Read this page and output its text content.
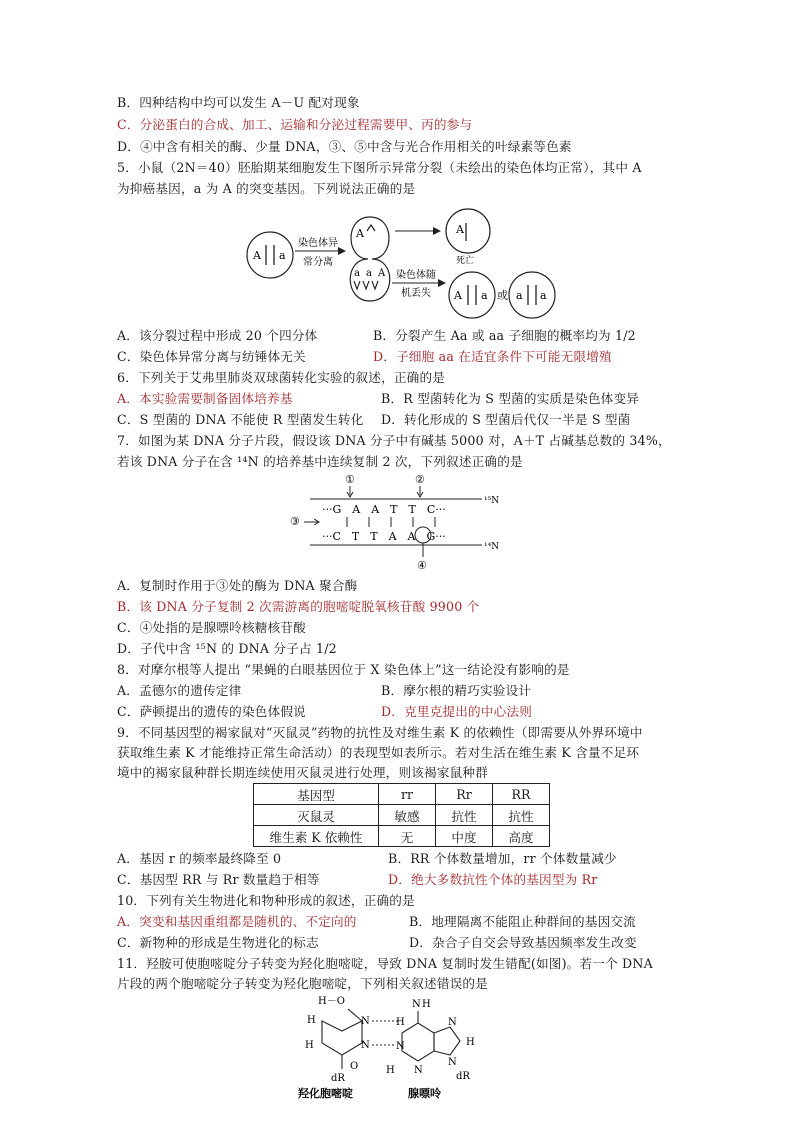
B．四种结构中均可以发生 A－U 配对现象
C．分泌蛋白的合成、加工、运输和分泌过程需要甲、丙的参与
D．④中含有相关的酶、少量 DNA，③、⑤中含与光合作用相关的叶绿素等色素
5．小鼠（2N＝40）胚胎期某细胞发生下图所示异常分裂（未绘出的染色体均正常），其中 A
为抑癌基因，a 为 A 的突变基因。下列说法正确的是
A a
染色体异
常分离
A
a a A
A
死亡
染色体随
机丢失 A a 或 a a
A．该分裂过程中形成 20 个四分体	B．分裂产生 Aa 或 aa 子细胞的概率均为 1/2
C．染色体异常分离与纺锤体无关	D．子细胞 aa 在适宜条件下可能无限增殖
6．下列关于艾弗里肺炎双球菌转化实验的叙述，正确的是
A．本实验需要制备固体培养基	B．R 型菌转化为 S 型菌的实质是染色体变异
C．S 型菌的 DNA 不能使 R 型菌发生转化 D．转化形成的 S 型菌后代仅一半是 S 型菌
7．如图为某 DNA 分子片段，假设该 DNA 分子中有碱基 5000 对，A＋T 占碱基总数的 34%，
若该 DNA 分子在含 ¹⁴N 的培养基中连续复制 2 次，下列叙述正确的是
①	②
¹⁵N
···G　A　A　T　T　C···
③
···C　T　T　A　A　G···
¹⁴N
④
A．复制时作用于③处的酶为 DNA 聚合酶
B．该 DNA 分子复制 2 次需游离的胞嘧啶脱氧核苷酸 9900 个
C．④处指的是腺嘌呤核糖核苷酸
D．子代中含 ¹⁵N 的 DNA 分子占 1/2
8．对摩尔根等人提出 “果蝇的白眼基因位于 X 染色体上”这一结论没有影响的是
A．孟德尔的遗传定律	B．摩尔根的精巧实验设计
C．萨顿提出的遗传的染色体假说	D．克里克提出的中心法则
9．不同基因型的褐家鼠对“灭鼠灵”药物的抗性及对维生素 K 的依赖性（即需要从外界环境中
获取维生素 K 才能维持正常生命活动）的表现型如表所示。若对生活在维生素 K 含量不足环
境中的褐家鼠种群长期连续使用灭鼠灵进行处理，则该褐家鼠种群
基因型	rr	Rr	RR
灭鼠灵	敏感	抗性	抗性
维生素 K 依赖性	无	中度	高度
A．基因 r 的频率最终降至 0	B．RR 个体数量增加，rr 个体数量减少
C．基因型 RR 与 Rr 数量趋于相等	D．绝大多数抗性个体的基因型为 Rr
10．下列有关生物进化和物种形成的叙述，正确的是
A．突变和基因重组都是随机的、不定向的	B．地理隔离不能阻止种群间的基因交流
C．新物种的形成是生物进化的标志	D．杂合子自交会导致基因频率发生改变
11．羟胺可使胞嘧啶分子转变为羟化胞嘧啶，导致 DNA 复制时发生错配(如图)。若一个 DNA
片段的两个胞嘧啶分子转变为羟化胞嘧啶，下列相关叙述错误的是
H－O
N
H
H	N
O
dR
H
N H
N
N
H
N
N
H
dR
羟化胞嘧啶	腺嘌呤
